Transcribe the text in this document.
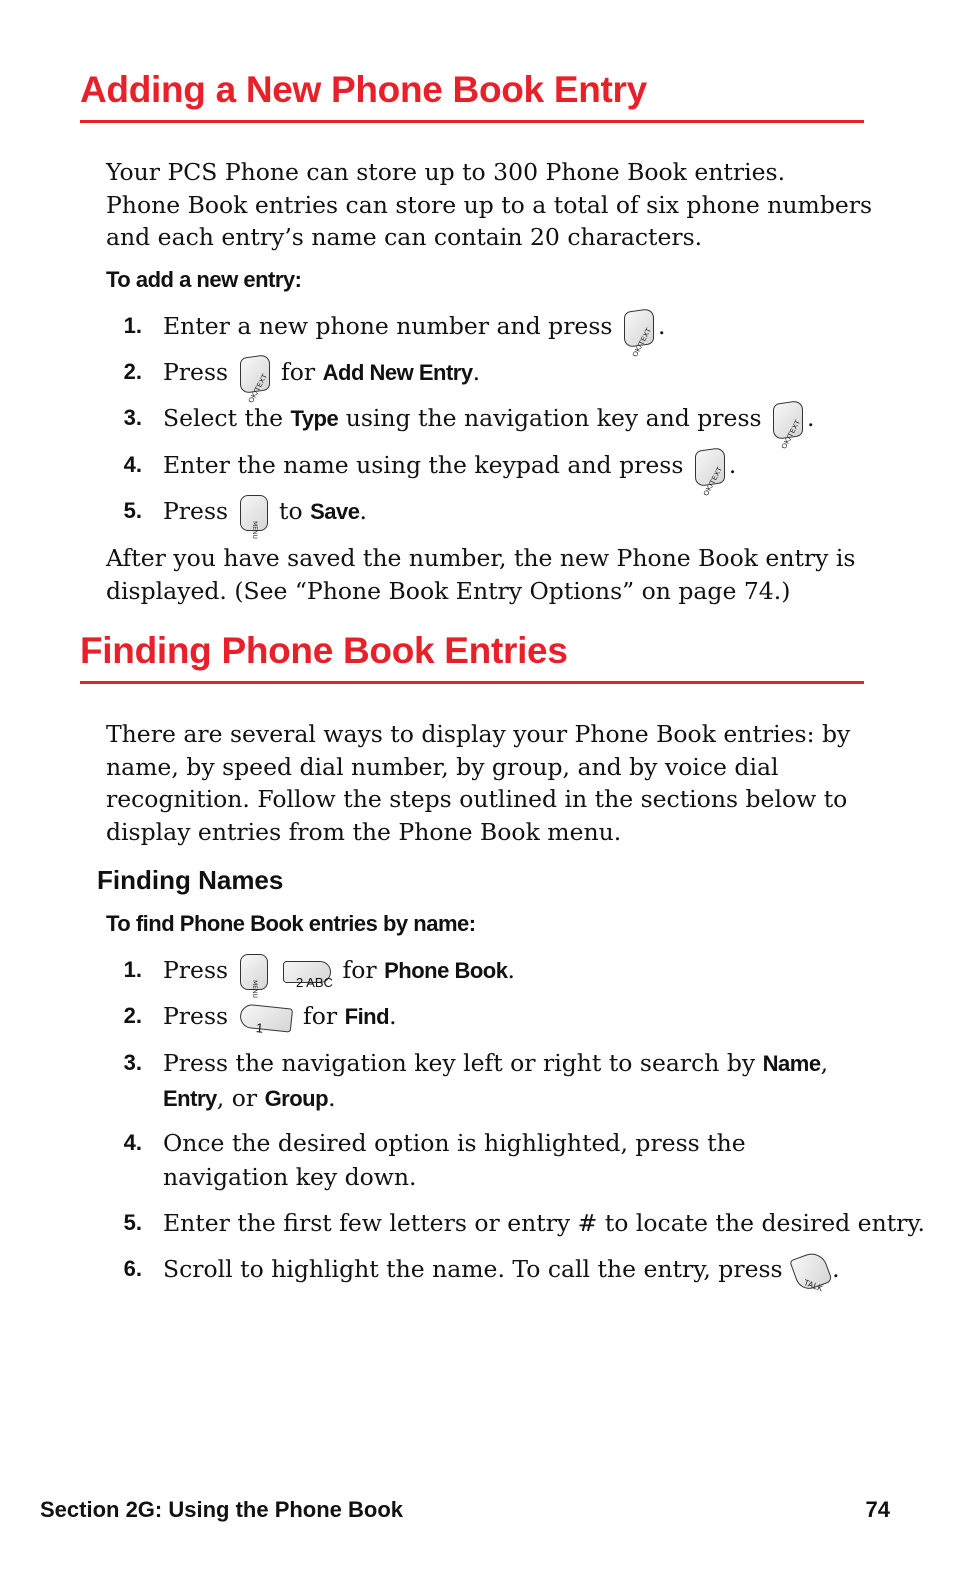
Adding a New Phone Book Entry
Your PCS Phone can store up to 300 Phone Book entries.
Phone Book entries can store up to a total of six phone numbers and each entry’s name can contain 20 characters.
To add a new entry:
1. Enter a new phone number and press
OK/TEXT
.
2. Press
OK/TEXT
for Add New Entry.
3. Select the Type using the navigation key and press
OK/TEXT
.
4. Enter the name using the keypad and press
OK/TEXT
.
5. Press
MENU
to Save.
After you have saved the number, the new Phone Book entry is displayed. (See “Phone Book Entry Options” on page 74.)
Finding Phone Book Entries
There are several ways to display your Phone Book entries: by name, by speed dial number, by group, and by voice dial recognition. Follow the steps outlined in the sections below to display entries from the Phone Book menu.
Finding Names
To find Phone Book entries by name:
1. Press
MENU
	2 ABC for Phone Book.
2. Press 1 for Find.
3. Press the navigation key left or right to search by Name, Entry, or Group.
4. Once the desired option is highlighted, press the navigation key down.
5. Enter the first few letters or entry # to locate the desired entry.
6. Scroll to highlight the name. To call the entry, press
TALK
.
Section 2G: Using the Phone Book	74
